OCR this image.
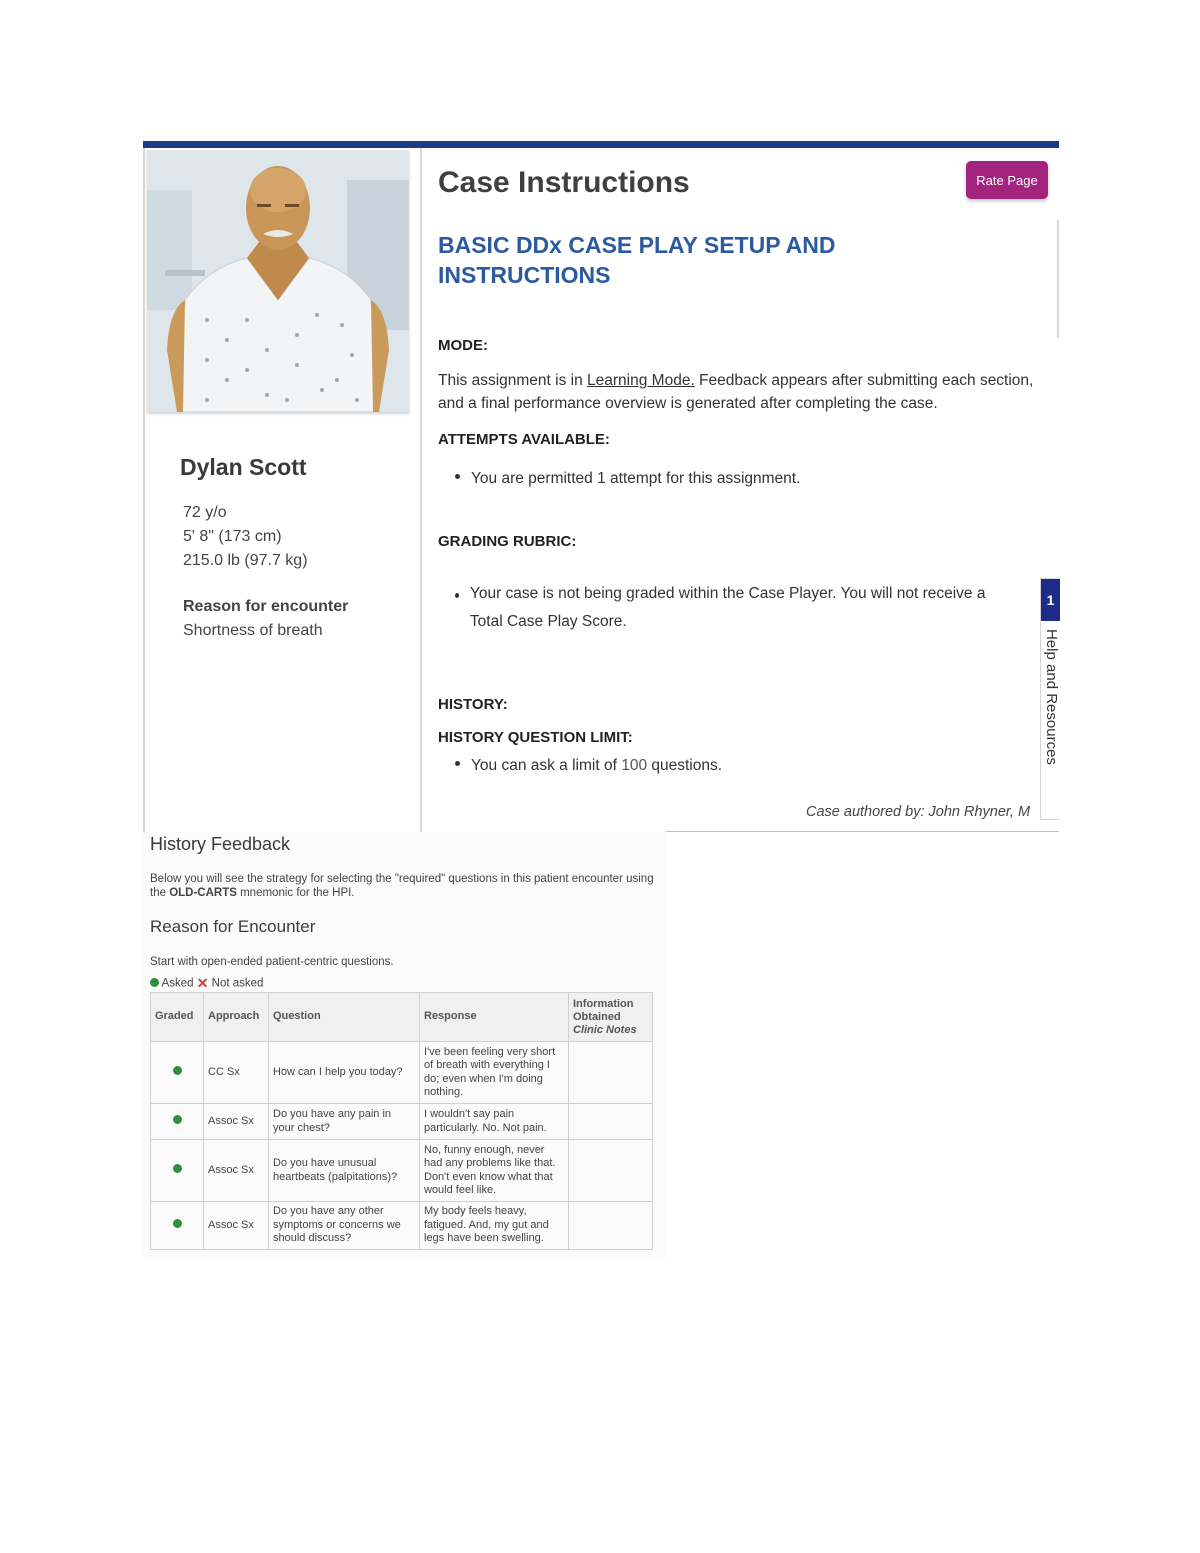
Dylan Scott
72 y/o
5' 8" (173 cm)
215.0 lb (97.7 kg)
Reason for encounter
Shortness of breath
Case Instructions	Rate Page
BASIC DDx CASE PLAY SETUP AND INSTRUCTIONS
MODE:
This assignment is in Learning Mode. Feedback appears after submitting each section, and a final performance overview is generated after completing the case.
ATTEMPTS AVAILABLE:
You are permitted 1 attempt for this assignment.
GRADING RUBRIC:
Your case is not being graded within the Case Player. You will not receive a Total Case Play Score.
HISTORY:
HISTORY QUESTION LIMIT:
You can ask a limit of 100 questions.
Case authored by: John Rhyner, M
1
Help and Resources
History Feedback
Below you will see the strategy for selecting the "required" questions in this patient encounter using the OLD-CARTS mnemonic for the HPI.
Reason for Encounter
Start with open-ended patient-centric questions.
Asked ✕ Not asked
Graded	Approach	Question	Response	Information
Obtained
Clinic Notes
	CC Sx	How can I help you today?	I've been feeling very short of breath with everything I do; even when I'm doing nothing.	
	Assoc Sx	Do you have any pain in your chest?	I wouldn't say pain particularly. No. Not pain.	
	Assoc Sx	Do you have unusual heartbeats (palpitations)?	No, funny enough, never had any problems like that. Don't even know what that would feel like.	
	Assoc Sx	Do you have any other symptoms or concerns we should discuss?	My body feels heavy, fatigued. And, my gut and legs have been swelling.	
